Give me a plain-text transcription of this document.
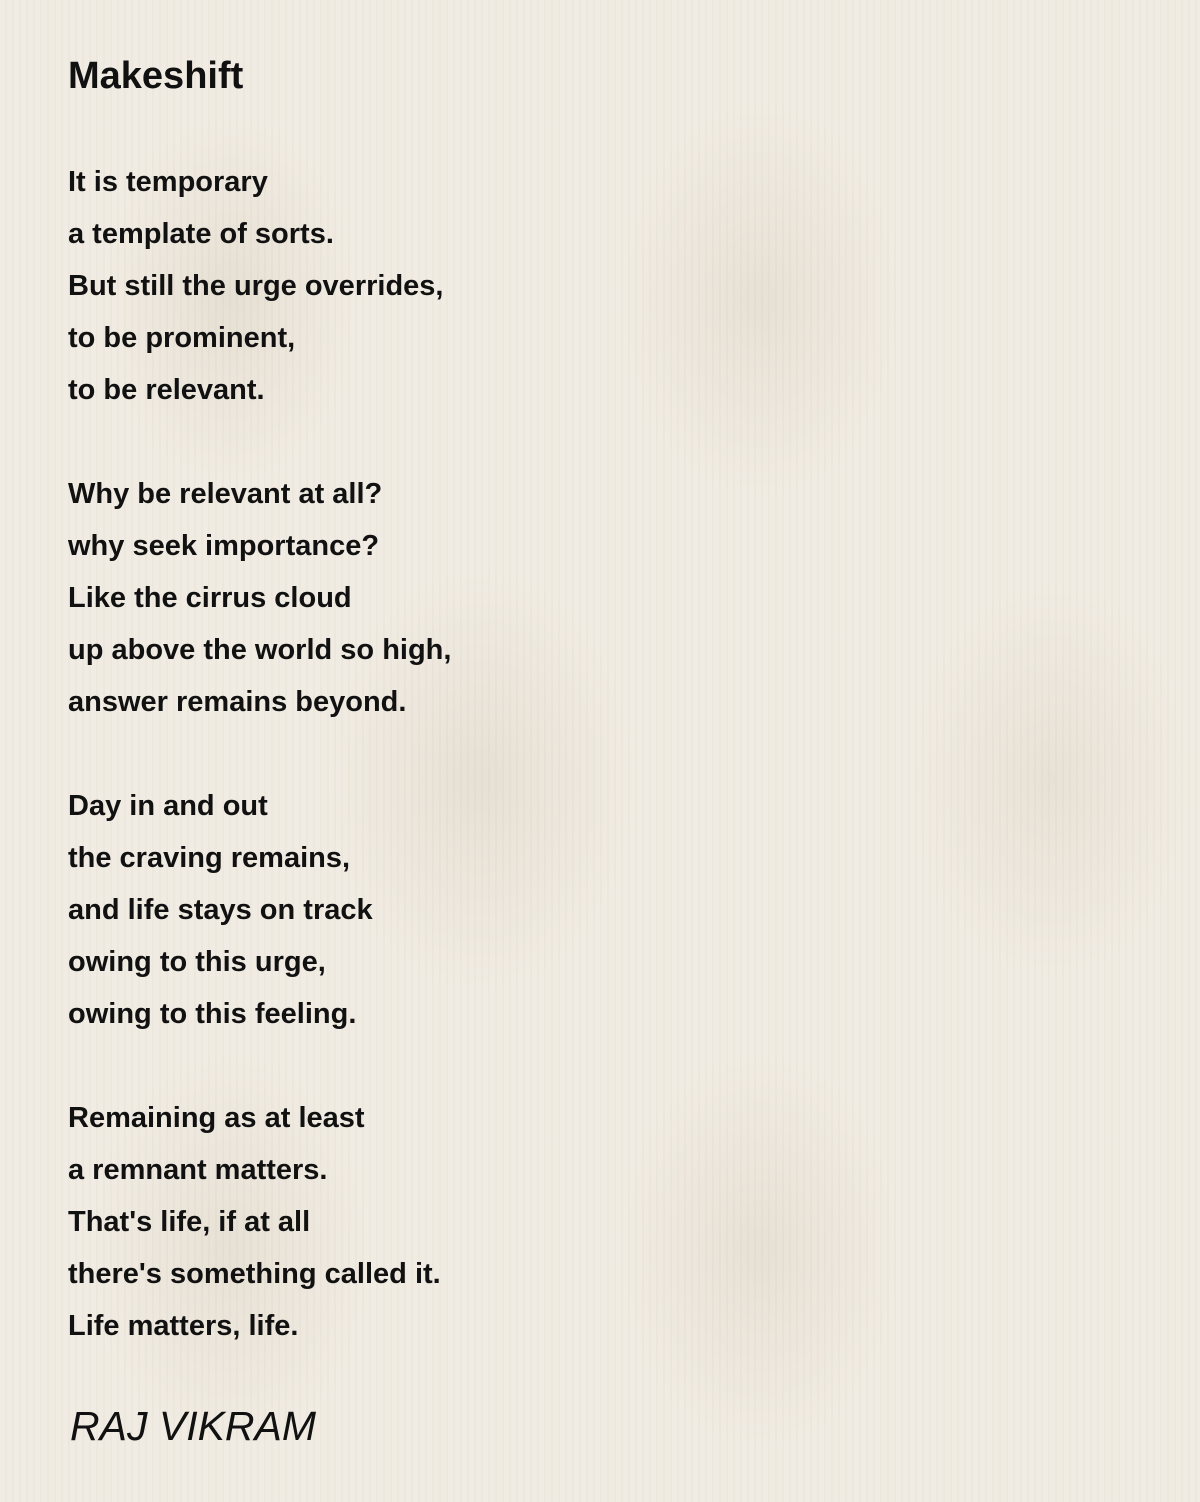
Makeshift
It is temporary
a template of sorts.
But still the urge overrides,
to be prominent,
to be relevant.
Why be relevant at all?
why seek importance?
Like the cirrus cloud
up above the world so high,
answer remains beyond.
Day in and out
the craving remains,
and life stays on track
owing to this urge,
owing to this feeling.
Remaining as at least
a remnant matters.
That's life, if at all
there's something called it.
Life matters, life.

RAJ VIKRAM
